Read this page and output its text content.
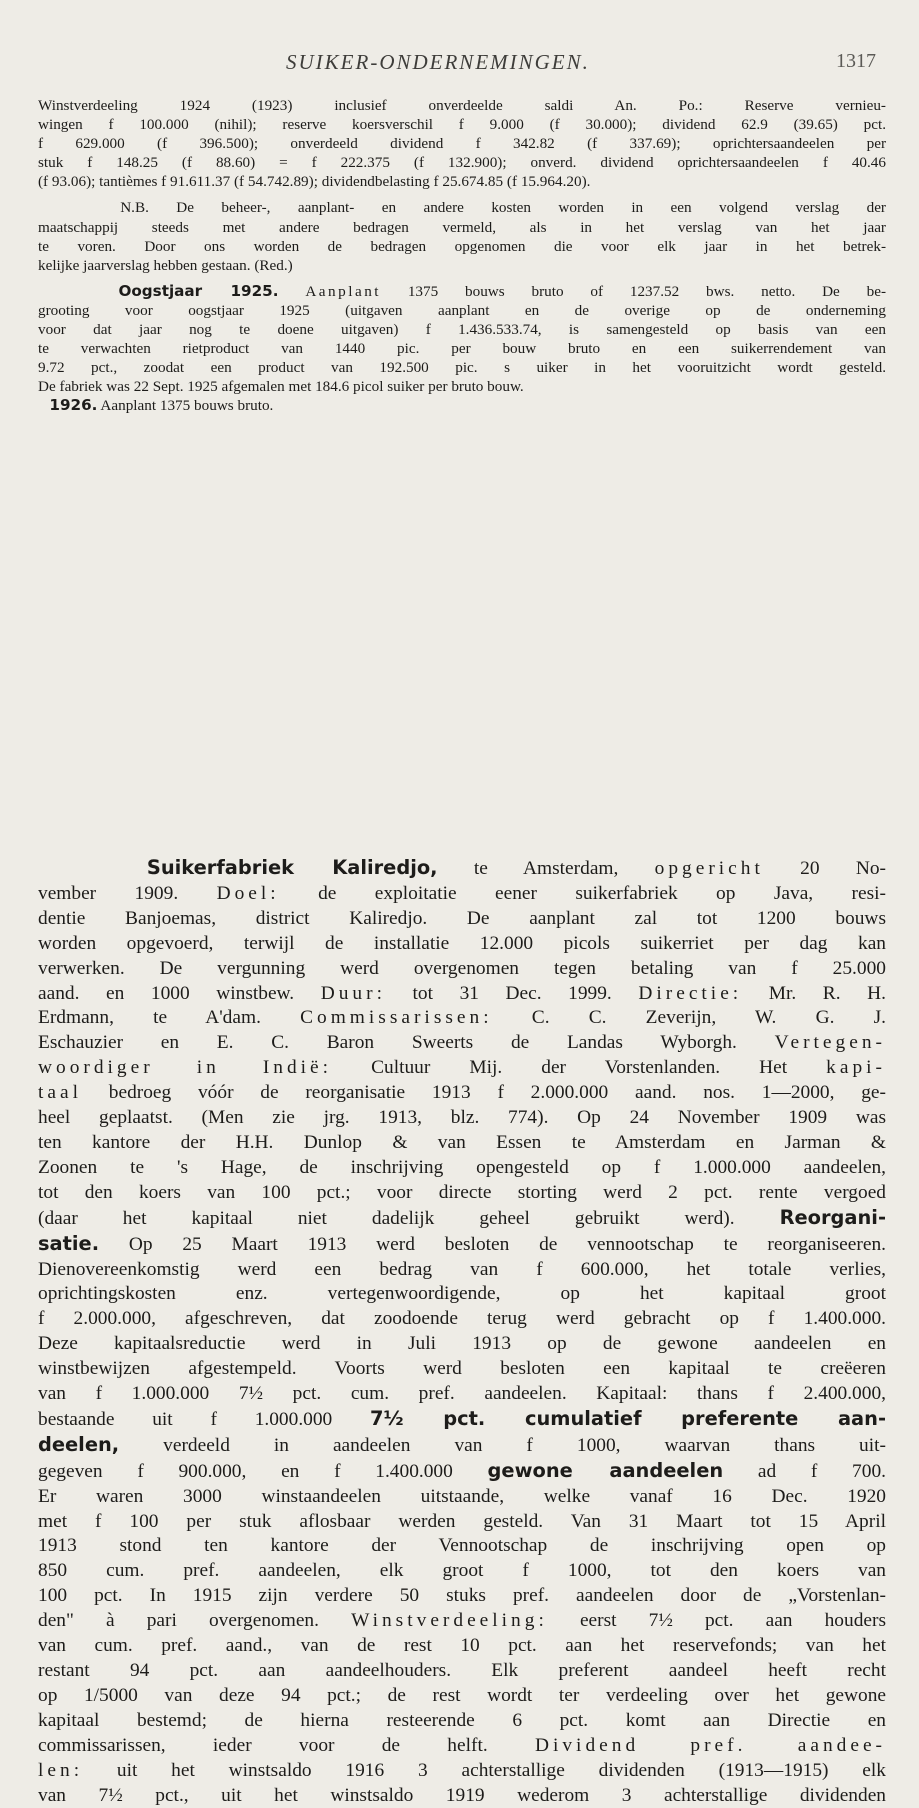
SUIKER-ONDERNEMINGEN.	1317

Winstverdeeling 1924 (1923) inclusief onverdeelde saldi An. Po.: Reserve vernieu-

wingen f 100.000 (nihil); reserve koersverschil f 9.000 (f 30.000); dividend 62.9 (39.65) pct.

f 629.000 (f 396.500); onverdeeld dividend f 342.82 (f 337.69); oprichtersaandeelen per

stuk f 148.25 (f 88.60) = f 222.375 (f 132.900); onverd. dividend oprichtersaandeelen f 40.46

(f 93.06); tantièmes f 91.611.37 (f 54.742.89); dividendbelasting f 25.674.85 (f 15.964.20).

N.B. De beheer-, aanplant- en andere kosten worden in een volgend verslag der

maatschappij steeds met andere bedragen vermeld, als in het verslag van het jaar

te voren. Door ons worden de bedragen opgenomen die voor elk jaar in het betrek-

kelijke jaarverslag hebben gestaan. (Red.)

Oogstjaar 1925. Aanplant 1375 bouws bruto of 1237.52 bws. netto. De be-

grooting voor oogstjaar 1925 (uitgaven aanplant en de overige op de onderneming

voor dat jaar nog te doene uitgaven) f 1.436.533.74, is samengesteld op basis van een

te verwachten rietproduct van 1440 pic. per bouw bruto en een suikerrendement van

9.72 pct., zoodat een product van 192.500 pic. s uiker in het vooruitzicht wordt gesteld.

De fabriek was 22 Sept. 1925 afgemalen met 184.6 picol suiker per bruto bouw.

1926. Aanplant 1375 bouws bruto.

Suikerfabriek Kaliredjo, te Amsterdam, opgericht 20 No-

vember 1909. Doel: de exploitatie eener suikerfabriek op Java, resi-

dentie Banjoemas, district Kaliredjo. De aanplant zal tot 1200 bouws

worden opgevoerd, terwijl de installatie 12.000 picols suikerriet per dag kan

verwerken. De vergunning werd overgenomen tegen betaling van f 25.000

aand. en 1000 winstbew. Duur: tot 31 Dec. 1999. Directie: Mr. R. H.

Erdmann, te A'dam. Commissarissen: C. C. Zeverijn, W. G. J.

Eschauzier en E. C. Baron Sweerts de Landas Wyborgh. Vertegen-

woordiger in Indië: Cultuur Mij. der Vorstenlanden. Het kapi-

taal bedroeg vóór de reorganisatie 1913 f 2.000.000 aand. nos. 1—2000, ge-

heel geplaatst. (Men zie jrg. 1913, blz. 774). Op 24 November 1909 was

ten kantore der H.H. Dunlop & van Essen te Amsterdam en Jarman &

Zoonen te 's Hage, de inschrijving opengesteld op f 1.000.000 aandeelen,

tot den koers van 100 pct.; voor directe storting werd 2 pct. rente vergoed

(daar het kapitaal niet dadelijk geheel gebruikt werd). Reorgani-

satie. Op 25 Maart 1913 werd besloten de vennootschap te reorganiseeren.

Dienovereenkomstig werd een bedrag van f 600.000, het totale verlies,

oprichtingskosten enz. vertegenwoordigende, op het kapitaal groot

f 2.000.000, afgeschreven, dat zoodoende terug werd gebracht op f 1.400.000.

Deze kapitaalsreductie werd in Juli 1913 op de gewone aandeelen en

winstbewijzen afgestempeld. Voorts werd besloten een kapitaal te creëeren

van f 1.000.000 7½ pct. cum. pref. aandeelen. Kapitaal: thans f 2.400.000,

bestaande uit f 1.000.000 7½ pct. cumulatief preferente aan-

deelen, verdeeld in aandeelen van f 1000, waarvan thans uit-

gegeven f 900.000, en f 1.400.000 gewone aandeelen ad f 700.

Er waren 3000 winstaandeelen uitstaande, welke vanaf 16 Dec. 1920

met f 100 per stuk aflosbaar werden gesteld. Van 31 Maart tot 15 April

1913 stond ten kantore der Vennootschap de inschrijving open op

850 cum. pref. aandeelen, elk groot f 1000, tot den koers van

100 pct. In 1915 zijn verdere 50 stuks pref. aandeelen door de „Vorstenlan-

den" à pari overgenomen. Winstverdeeling: eerst 7½ pct. aan houders

van cum. pref. aand., van de rest 10 pct. aan het reservefonds; van het

restant 94 pct. aan aandeelhouders. Elk preferent aandeel heeft recht

op 1/5000 van deze 94 pct.; de rest wordt ter verdeeling over het gewone

kapitaal bestemd; de hierna resteerende 6 pct. komt aan Directie en

commissarissen, ieder voor de helft. Dividend pref. aandee-

len: uit het winstsaldo 1916 3 achterstallige dividenden (1913—1915) elk

van 7½ pct., uit het winstsaldo 1919 wederom 3 achterstallige dividenden
